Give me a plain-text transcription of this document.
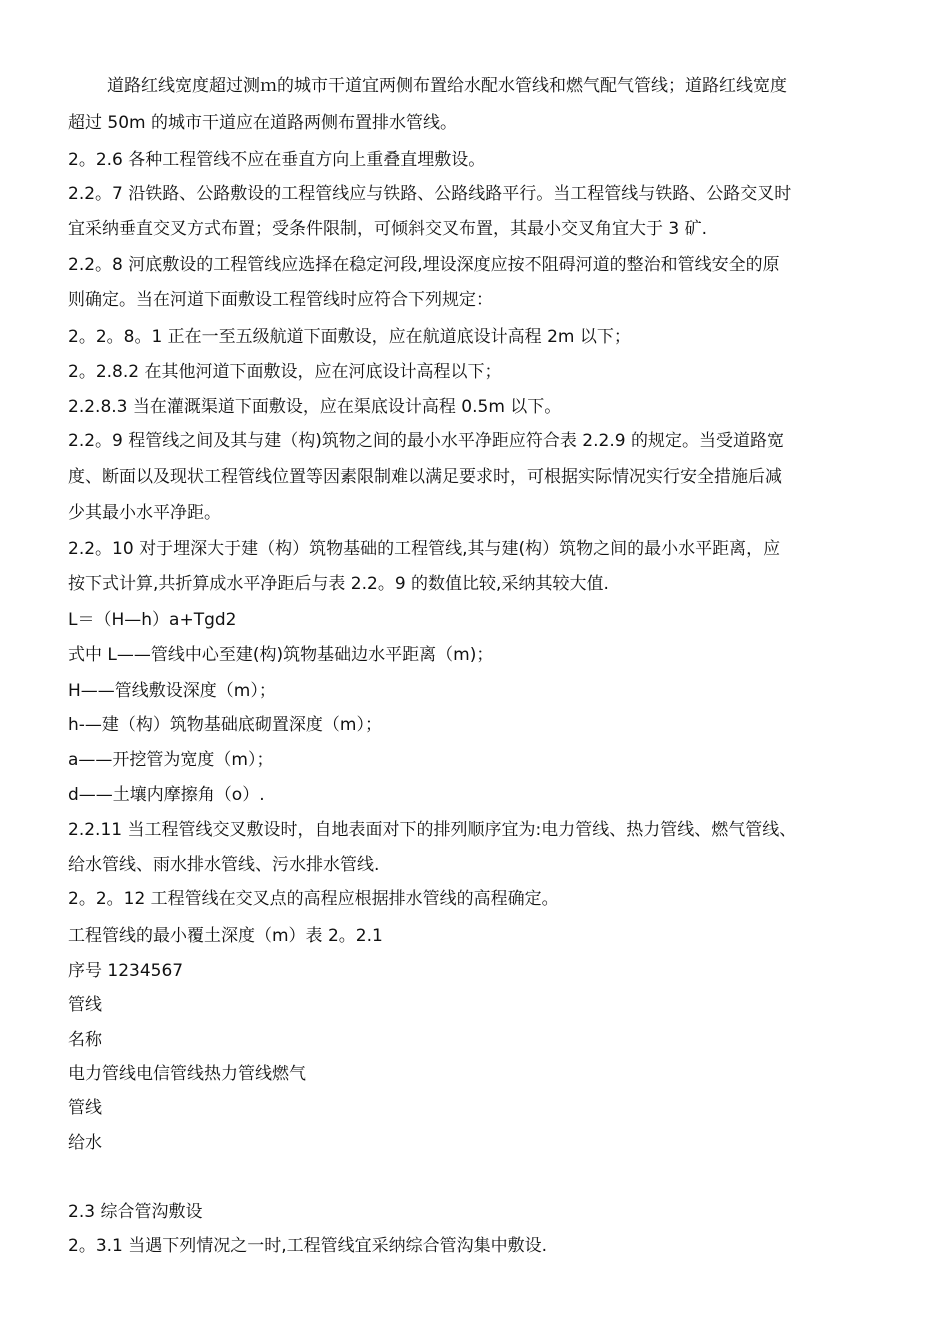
道路红线宽度超过测ｍ的城市干道宜两侧布置给水配水管线和燃气配气管线；道路红线宽度
超过 50m 的城市干道应在道路两侧布置排水管线。
2。2.6 各种工程管线不应在垂直方向上重叠直埋敷设。
2.2。7 沿铁路、公路敷设的工程管线应与铁路、公路线路平行。当工程管线与铁路、公路交叉时
宜采纳垂直交叉方式布置；受条件限制，可倾斜交叉布置，其最小交叉角宜大于 3 矿.
2.2。8 河底敷设的工程管线应选择在稳定河段,埋设深度应按不阻碍河道的整治和管线安全的原
则确定。当在河道下面敷设工程管线时应符合下列规定：
2。2。8。1 正在一至五级航道下面敷设，应在航道底设计高程 2m 以下；
2。2.8.2 在其他河道下面敷设，应在河底设计高程以下；
2.2.8.3 当在灌溉渠道下面敷设，应在渠底设计高程 0.5m 以下。
2.2。9 程管线之间及其与建（构)筑物之间的最小水平净距应符合表 2.2.9 的规定。当受道路宽
度、断面以及现状工程管线位置等因素限制难以满足要求时，可根据实际情况实行安全措施后减
少其最小水平净距。
2.2。10 对于埋深大于建（构）筑物基础的工程管线,其与建(构）筑物之间的最小水平距离，应
按下式计算,共折算成水平净距后与表 2.2。9 的数值比较,采纳其较大值.
L＝（H—h）a+Tgd2
式中 L——管线中心至建(构)筑物基础边水平距离（m)；
H——管线敷设深度（m）；
h-—建（构）筑物基础底砌置深度（m）；
a——开挖管为宽度（m）；
d——土壤内摩擦角（o）.
2.2.11 当工程管线交叉敷设时，自地表面对下的排列顺序宜为:电力管线、热力管线、燃气管线、
给水管线、雨水排水管线、污水排水管线.
2。2。12 工程管线在交叉点的高程应根据排水管线的高程确定。
工程管线的最小覆土深度（m）表 2。2.1
序号 1234567
管线
名称
电力管线电信管线热力管线燃气
管线
给水
2.3 综合管沟敷设
2。3.1 当遇下列情况之一时,工程管线宜采纳综合管沟集中敷设.
